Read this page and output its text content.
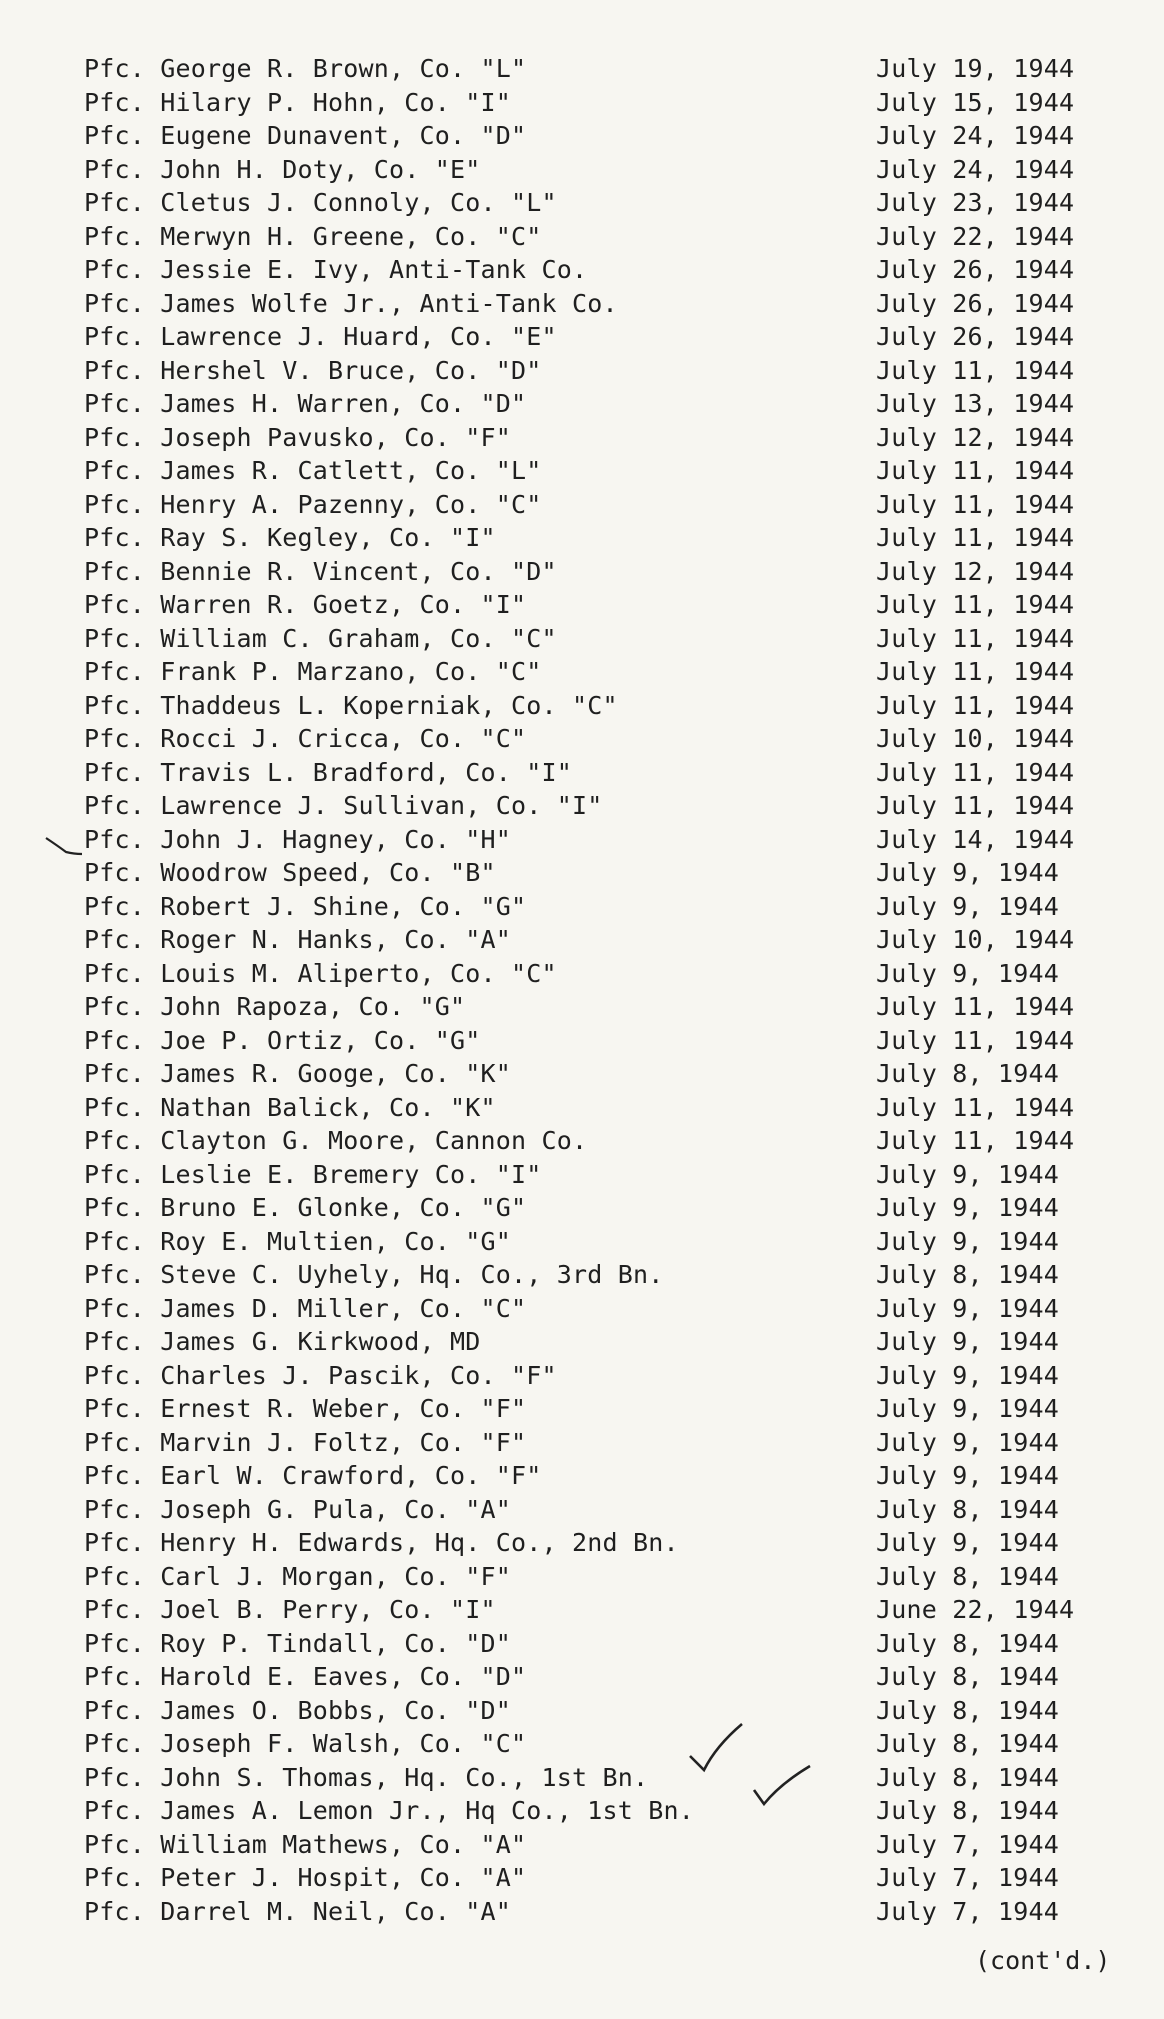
Pfc. George R. Brown, Co. "L"	July 19, 1944
Pfc. Hilary P. Hohn, Co. "I"	July 15, 1944
Pfc. Eugene Dunavent, Co. "D"	July 24, 1944
Pfc. John H. Doty, Co. "E"	July 24, 1944
Pfc. Cletus J. Connoly, Co. "L"	July 23, 1944
Pfc. Merwyn H. Greene, Co. "C"	July 22, 1944
Pfc. Jessie E. Ivy, Anti-Tank Co.	July 26, 1944
Pfc. James Wolfe Jr., Anti-Tank Co.	July 26, 1944
Pfc. Lawrence J. Huard, Co. "E"	July 26, 1944
Pfc. Hershel V. Bruce, Co. "D"	July 11, 1944
Pfc. James H. Warren, Co. "D"	July 13, 1944
Pfc. Joseph Pavusko, Co. "F"	July 12, 1944
Pfc. James R. Catlett, Co. "L"	July 11, 1944
Pfc. Henry A. Pazenny, Co. "C"	July 11, 1944
Pfc. Ray S. Kegley, Co. "I"	July 11, 1944
Pfc. Bennie R. Vincent, Co. "D"	July 12, 1944
Pfc. Warren R. Goetz, Co. "I"	July 11, 1944
Pfc. William C. Graham, Co. "C"	July 11, 1944
Pfc. Frank P. Marzano, Co. "C"	July 11, 1944
Pfc. Thaddeus L. Koperniak, Co. "C"	July 11, 1944
Pfc. Rocci J. Cricca, Co. "C"	July 10, 1944
Pfc. Travis L. Bradford, Co. "I"	July 11, 1944
Pfc. Lawrence J. Sullivan, Co. "I"	July 11, 1944
Pfc. John J. Hagney, Co. "H"	July 14, 1944
Pfc. Woodrow Speed, Co. "B"	July 9, 1944
Pfc. Robert J. Shine, Co. "G"	July 9, 1944
Pfc. Roger N. Hanks, Co. "A"	July 10, 1944
Pfc. Louis M. Aliperto, Co. "C"	July 9, 1944
Pfc. John Rapoza, Co. "G"	July 11, 1944
Pfc. Joe P. Ortiz, Co. "G"	July 11, 1944
Pfc. James R. Googe, Co. "K"	July 8, 1944
Pfc. Nathan Balick, Co. "K"	July 11, 1944
Pfc. Clayton G. Moore, Cannon Co.	July 11, 1944
Pfc. Leslie E. Bremery Co. "I"	July 9, 1944
Pfc. Bruno E. Glonke, Co. "G"	July 9, 1944
Pfc. Roy E. Multien, Co. "G"	July 9, 1944
Pfc. Steve C. Uyhely, Hq. Co., 3rd Bn.	July 8, 1944
Pfc. James D. Miller, Co. "C"	July 9, 1944
Pfc. James G. Kirkwood, MD	July 9, 1944
Pfc. Charles J. Pascik, Co. "F"	July 9, 1944
Pfc. Ernest R. Weber, Co. "F"	July 9, 1944
Pfc. Marvin J. Foltz, Co. "F"	July 9, 1944
Pfc. Earl W. Crawford, Co. "F"	July 9, 1944
Pfc. Joseph G. Pula, Co. "A"	July 8, 1944
Pfc. Henry H. Edwards, Hq. Co., 2nd Bn.	July 9, 1944
Pfc. Carl J. Morgan, Co. "F"	July 8, 1944
Pfc. Joel B. Perry, Co. "I"	June 22, 1944
Pfc. Roy P. Tindall, Co. "D"	July 8, 1944
Pfc. Harold E. Eaves, Co. "D"	July 8, 1944
Pfc. James O. Bobbs, Co. "D"	July 8, 1944
Pfc. Joseph F. Walsh, Co. "C"	July 8, 1944
Pfc. John S. Thomas, Hq. Co., 1st Bn.	July 8, 1944
Pfc. James A. Lemon Jr., Hq Co., 1st Bn.	July 8, 1944
Pfc. William Mathews, Co. "A"	July 7, 1944
Pfc. Peter J. Hospit, Co. "A"	July 7, 1944
Pfc. Darrel M. Neil, Co. "A"	July 7, 1944
(cont'd.)
